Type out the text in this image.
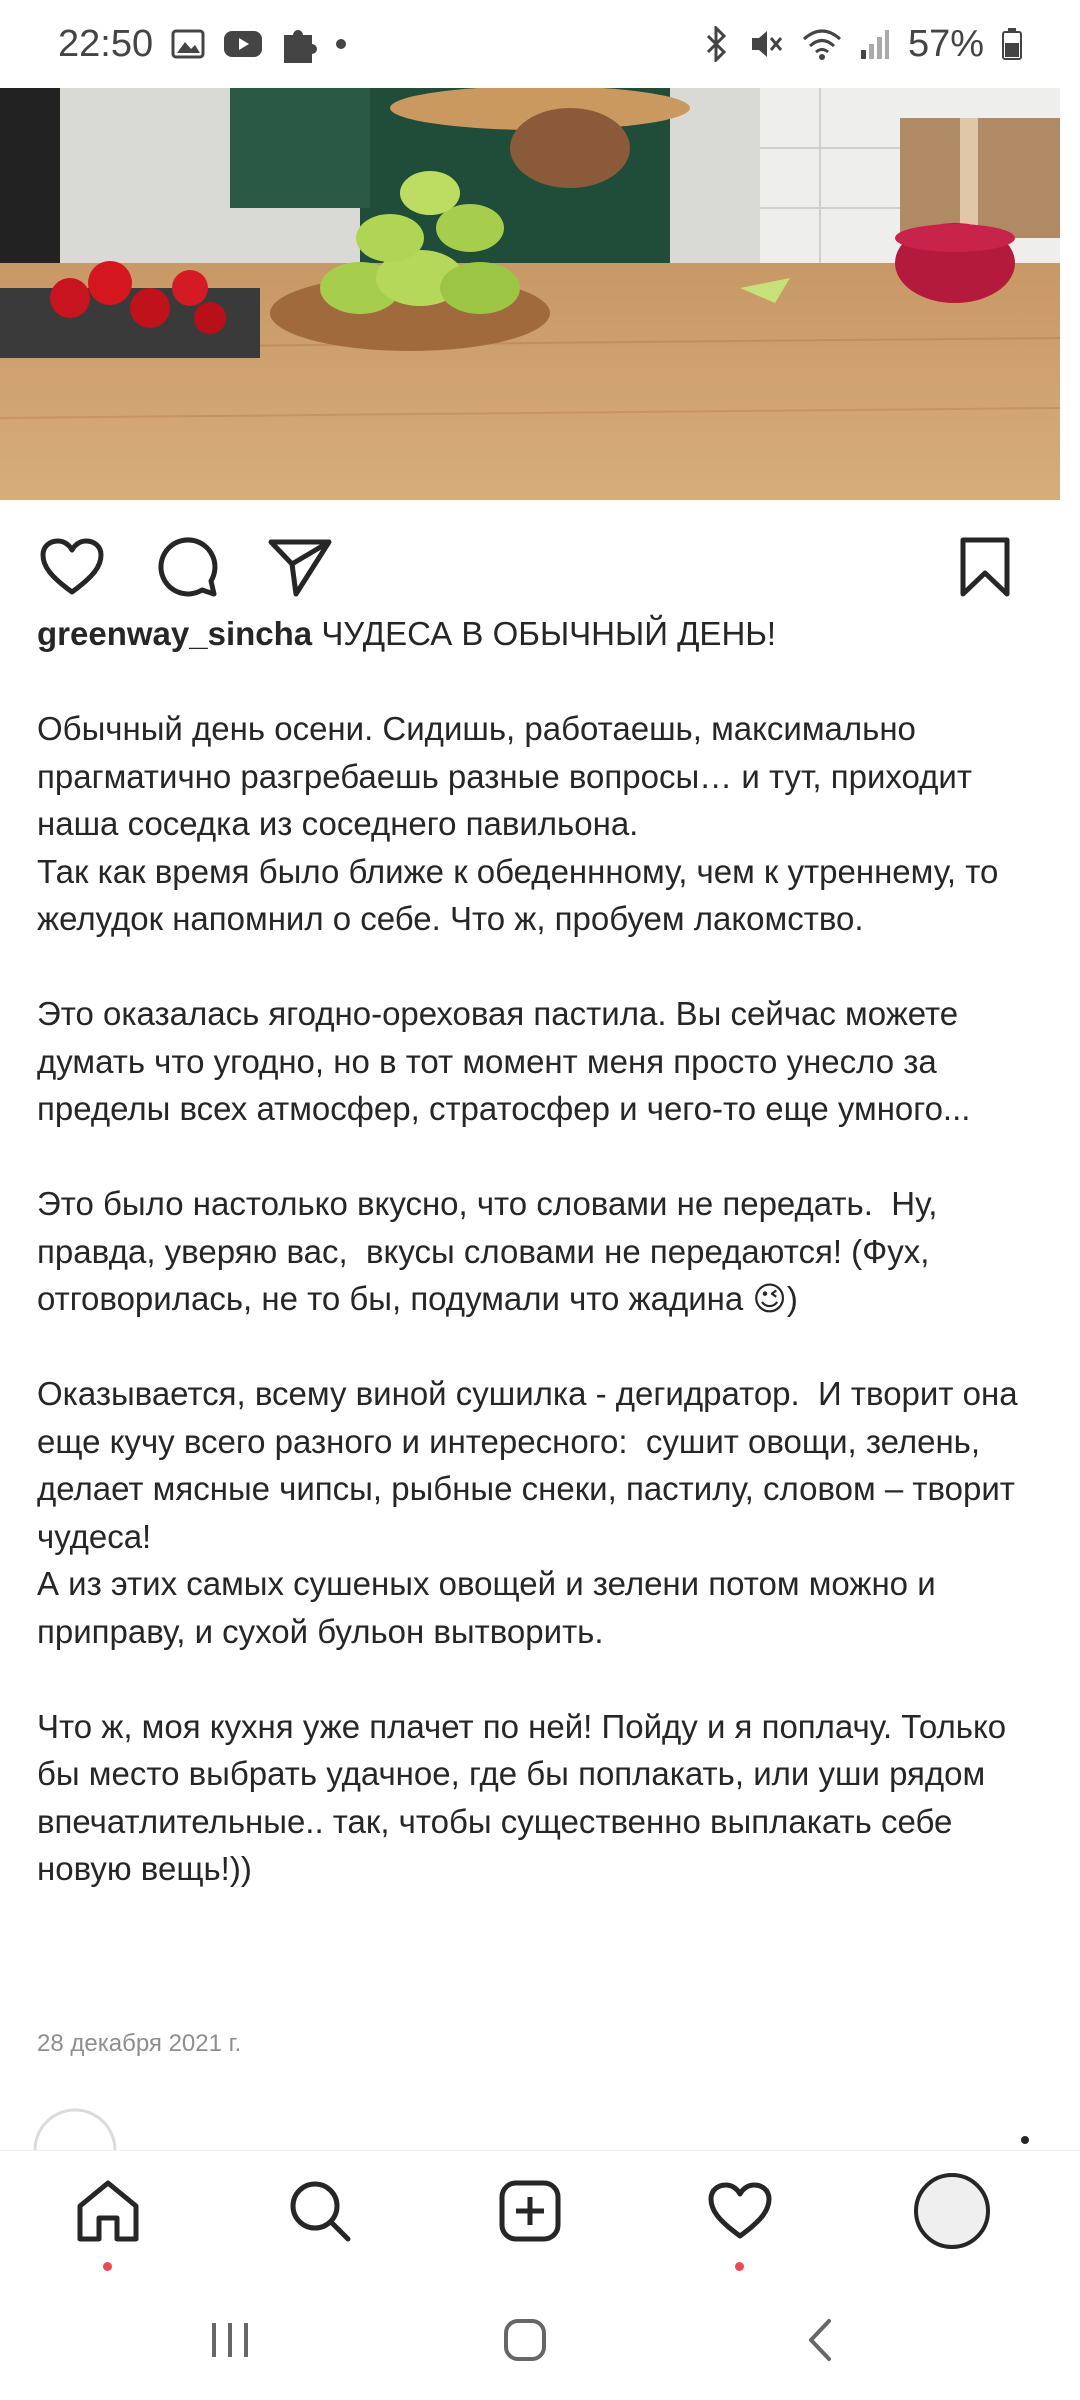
22:50	57%

greenway_sincha ЧУДЕСА В ОБЫЧНЫЙ ДЕНЬ!

Обычный день осени. Сидишь, работаешь, максимально прагматично разгребаешь разные вопросы… и тут, приходит наша соседка из соседнего павильона.
Так как время было ближе к обеденнному, чем к утреннему, то желудок напомнил о себе. Что ж, пробуем лакомство.

Это оказалась ягодно-ореховая пастила. Вы сейчас можете думать что угодно, но в тот момент меня просто унесло за пределы всех атмосфер, стратосфер и чего-то еще умного...

Это было настолько вкусно, что словами не передать.  Ну, правда, уверяю вас,  вкусы словами не передаются! (Фух, отговорилась, не то бы, подумали что жадина 😉)

Оказывается, всему виной сушилка - дегидратор.  И творит она еще кучу всего разного и интересного:  сушит овощи, зелень, делает мясные чипсы, рыбные снеки, пастилу, словом – творит чудеса!
А из этих самых сушеных овощей и зелени потом можно и приправу, и сухой бульон вытворить.

Что ж, моя кухня уже плачет по ней! Пойду и я поплачу. Только бы место выбрать удачное, где бы поплакать, или уши рядом впечатлительные.. так, чтобы существенно выплакать себе новую вещь!))

28 декабря 2021 г.
